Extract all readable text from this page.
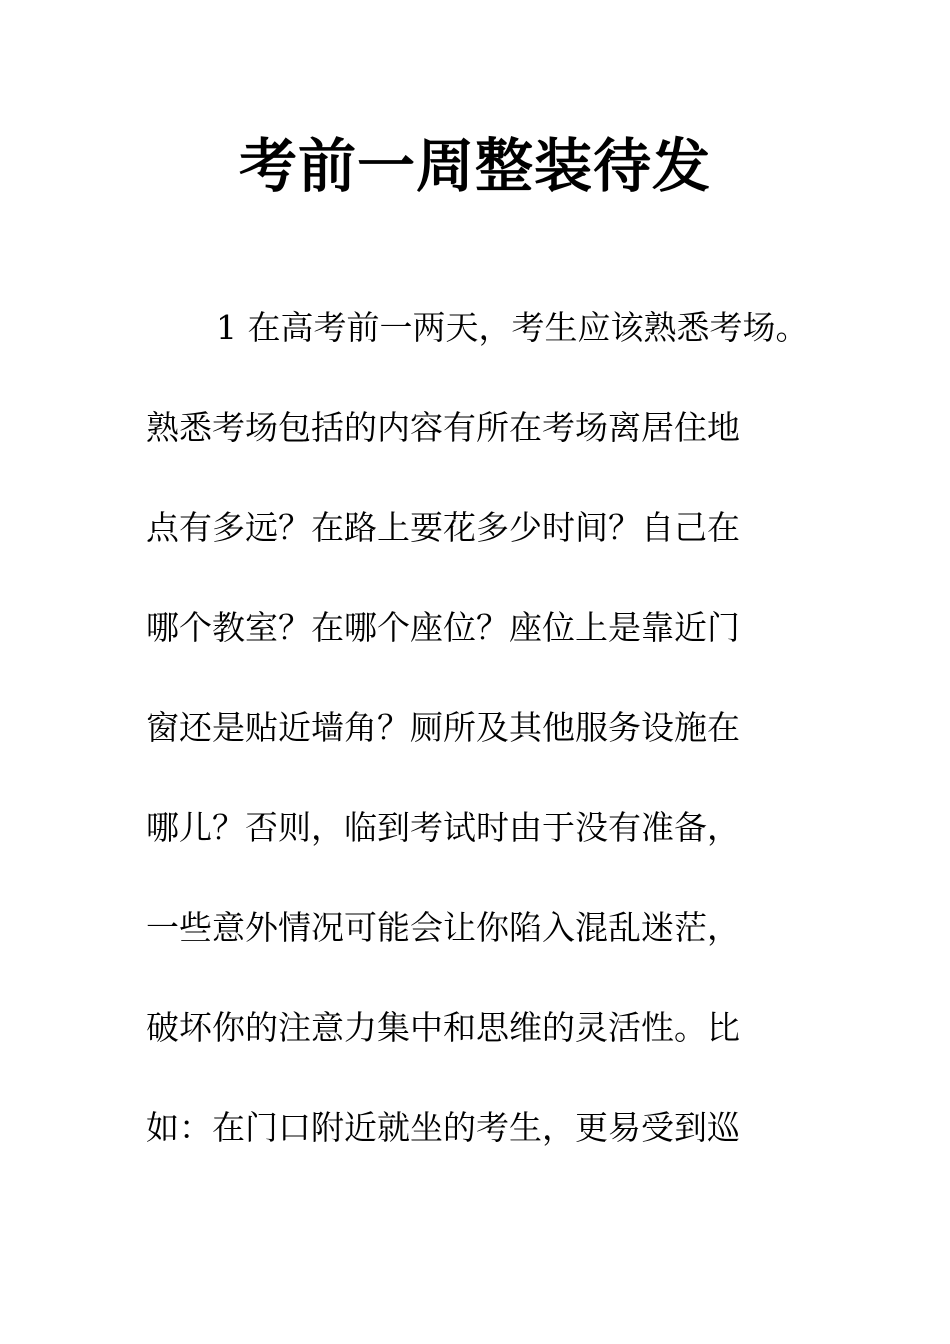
考前一周整装待发
1 在高考前一两天，考生应该熟悉考场。
熟悉考场包括的内容有所在考场离居住地
点有多远？在路上要花多少时间？自己在
哪个教室？在哪个座位？座位上是靠近门
窗还是贴近墙角？厕所及其他服务设施在
哪儿？否则，临到考试时由于没有准备，
一些意外情况可能会让你陷入混乱迷茫，
破坏你的注意力集中和思维的灵活性。比
如：在门口附近就坐的考生，更易受到巡
